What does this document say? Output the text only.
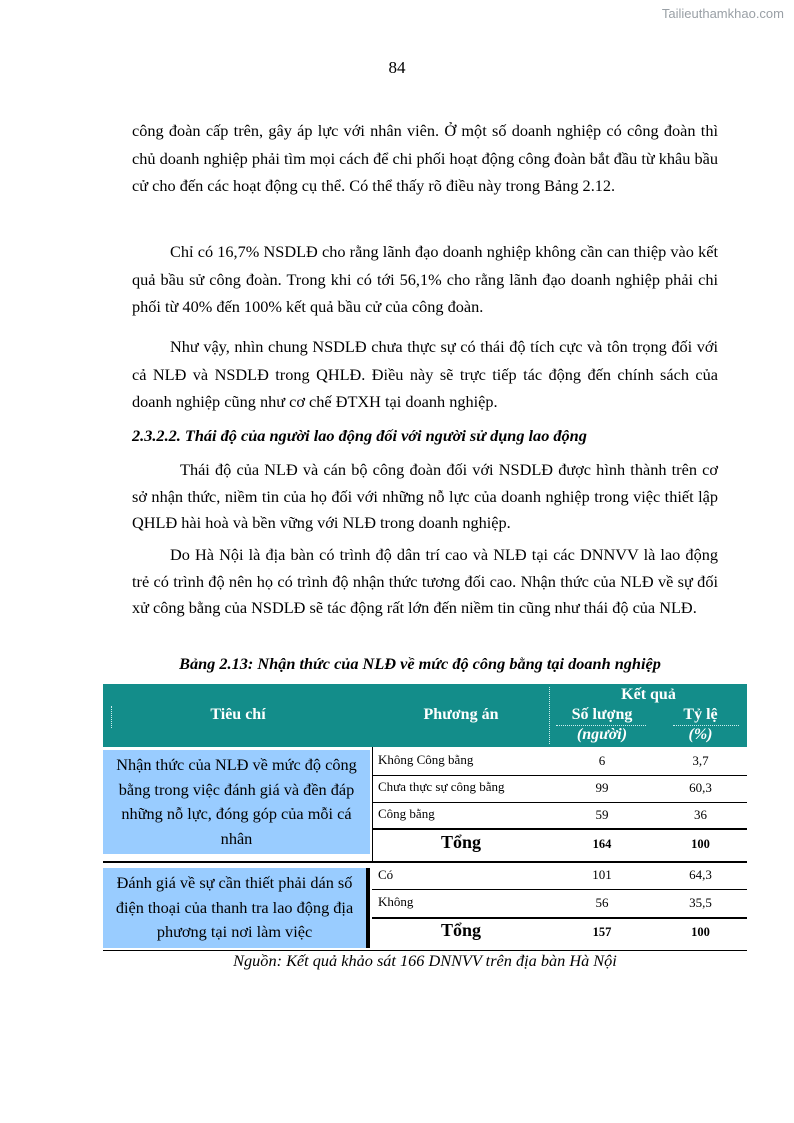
Tailieuthamkhao.com
84

công đoàn cấp trên, gây áp lực với nhân viên. Ở một số doanh nghiệp có công đoàn thì chủ doanh nghiệp phải tìm mọi cách để chi phối hoạt động công đoàn bắt đầu từ khâu bầu cử cho đến các hoạt động cụ thể. Có thể thấy rõ điều này trong Bảng 2.12.

Chỉ có 16,7% NSDLĐ cho rằng lãnh đạo doanh nghiệp không cần can thiệp vào kết quả bầu sử công đoàn. Trong khi có tới 56,1% cho rằng lãnh đạo doanh nghiệp phải chi phối từ 40% đến 100% kết quả bầu cử của công đoàn.

Như vậy, nhìn chung NSDLĐ chưa thực sự có thái độ tích cực và tôn trọng đối với cả NLĐ và NSDLĐ trong QHLĐ. Điều này sẽ trực tiếp tác động đến chính sách của doanh nghiệp cũng như cơ chế ĐTXH tại doanh nghiệp.

2.3.2.2. Thái độ của người lao động đối với người sử dụng lao động

Thái độ của NLĐ và cán bộ công đoàn đối với NSDLĐ được hình thành trên cơ sở nhận thức, niềm tin của họ đối với những nỗ lực của doanh nghiệp trong việc thiết lập QHLĐ hài hoà và bền vững với NLĐ trong doanh nghiệp.

Do Hà Nội là địa bàn có trình độ dân trí cao và NLĐ tại các DNNVV là lao động trẻ có trình độ nên họ có trình độ nhận thức tương đối cao. Nhận thức của NLĐ về sự đối xử công bằng của NSDLĐ sẽ tác động rất lớn đến niềm tin cũng như thái độ của NLĐ.

Bảng 2.13: Nhận thức của NLĐ về mức độ công bằng tại doanh nghiệp
Tiêu chí	Phương án
Kết quả
Số lượng	Tỷ lệ
(người)	(%)
Nhận thức của NLĐ về mức độ công bằng trong việc đánh giá và đền đáp những nỗ lực, đóng góp của mỗi cá nhân
Không Công bằng	6	3,7
Chưa thực sự công bằng	99	60,3
Công bằng	59	36
Tổng	164	100
Đánh giá về sự cần thiết phải dán số điện thoại của thanh tra lao động địa phương tại nơi làm việc
Có	101	64,3
Không	56	35,5
Tổng	157	100
Nguồn: Kết quả khảo sát 166 DNNVV trên địa bàn Hà Nội
